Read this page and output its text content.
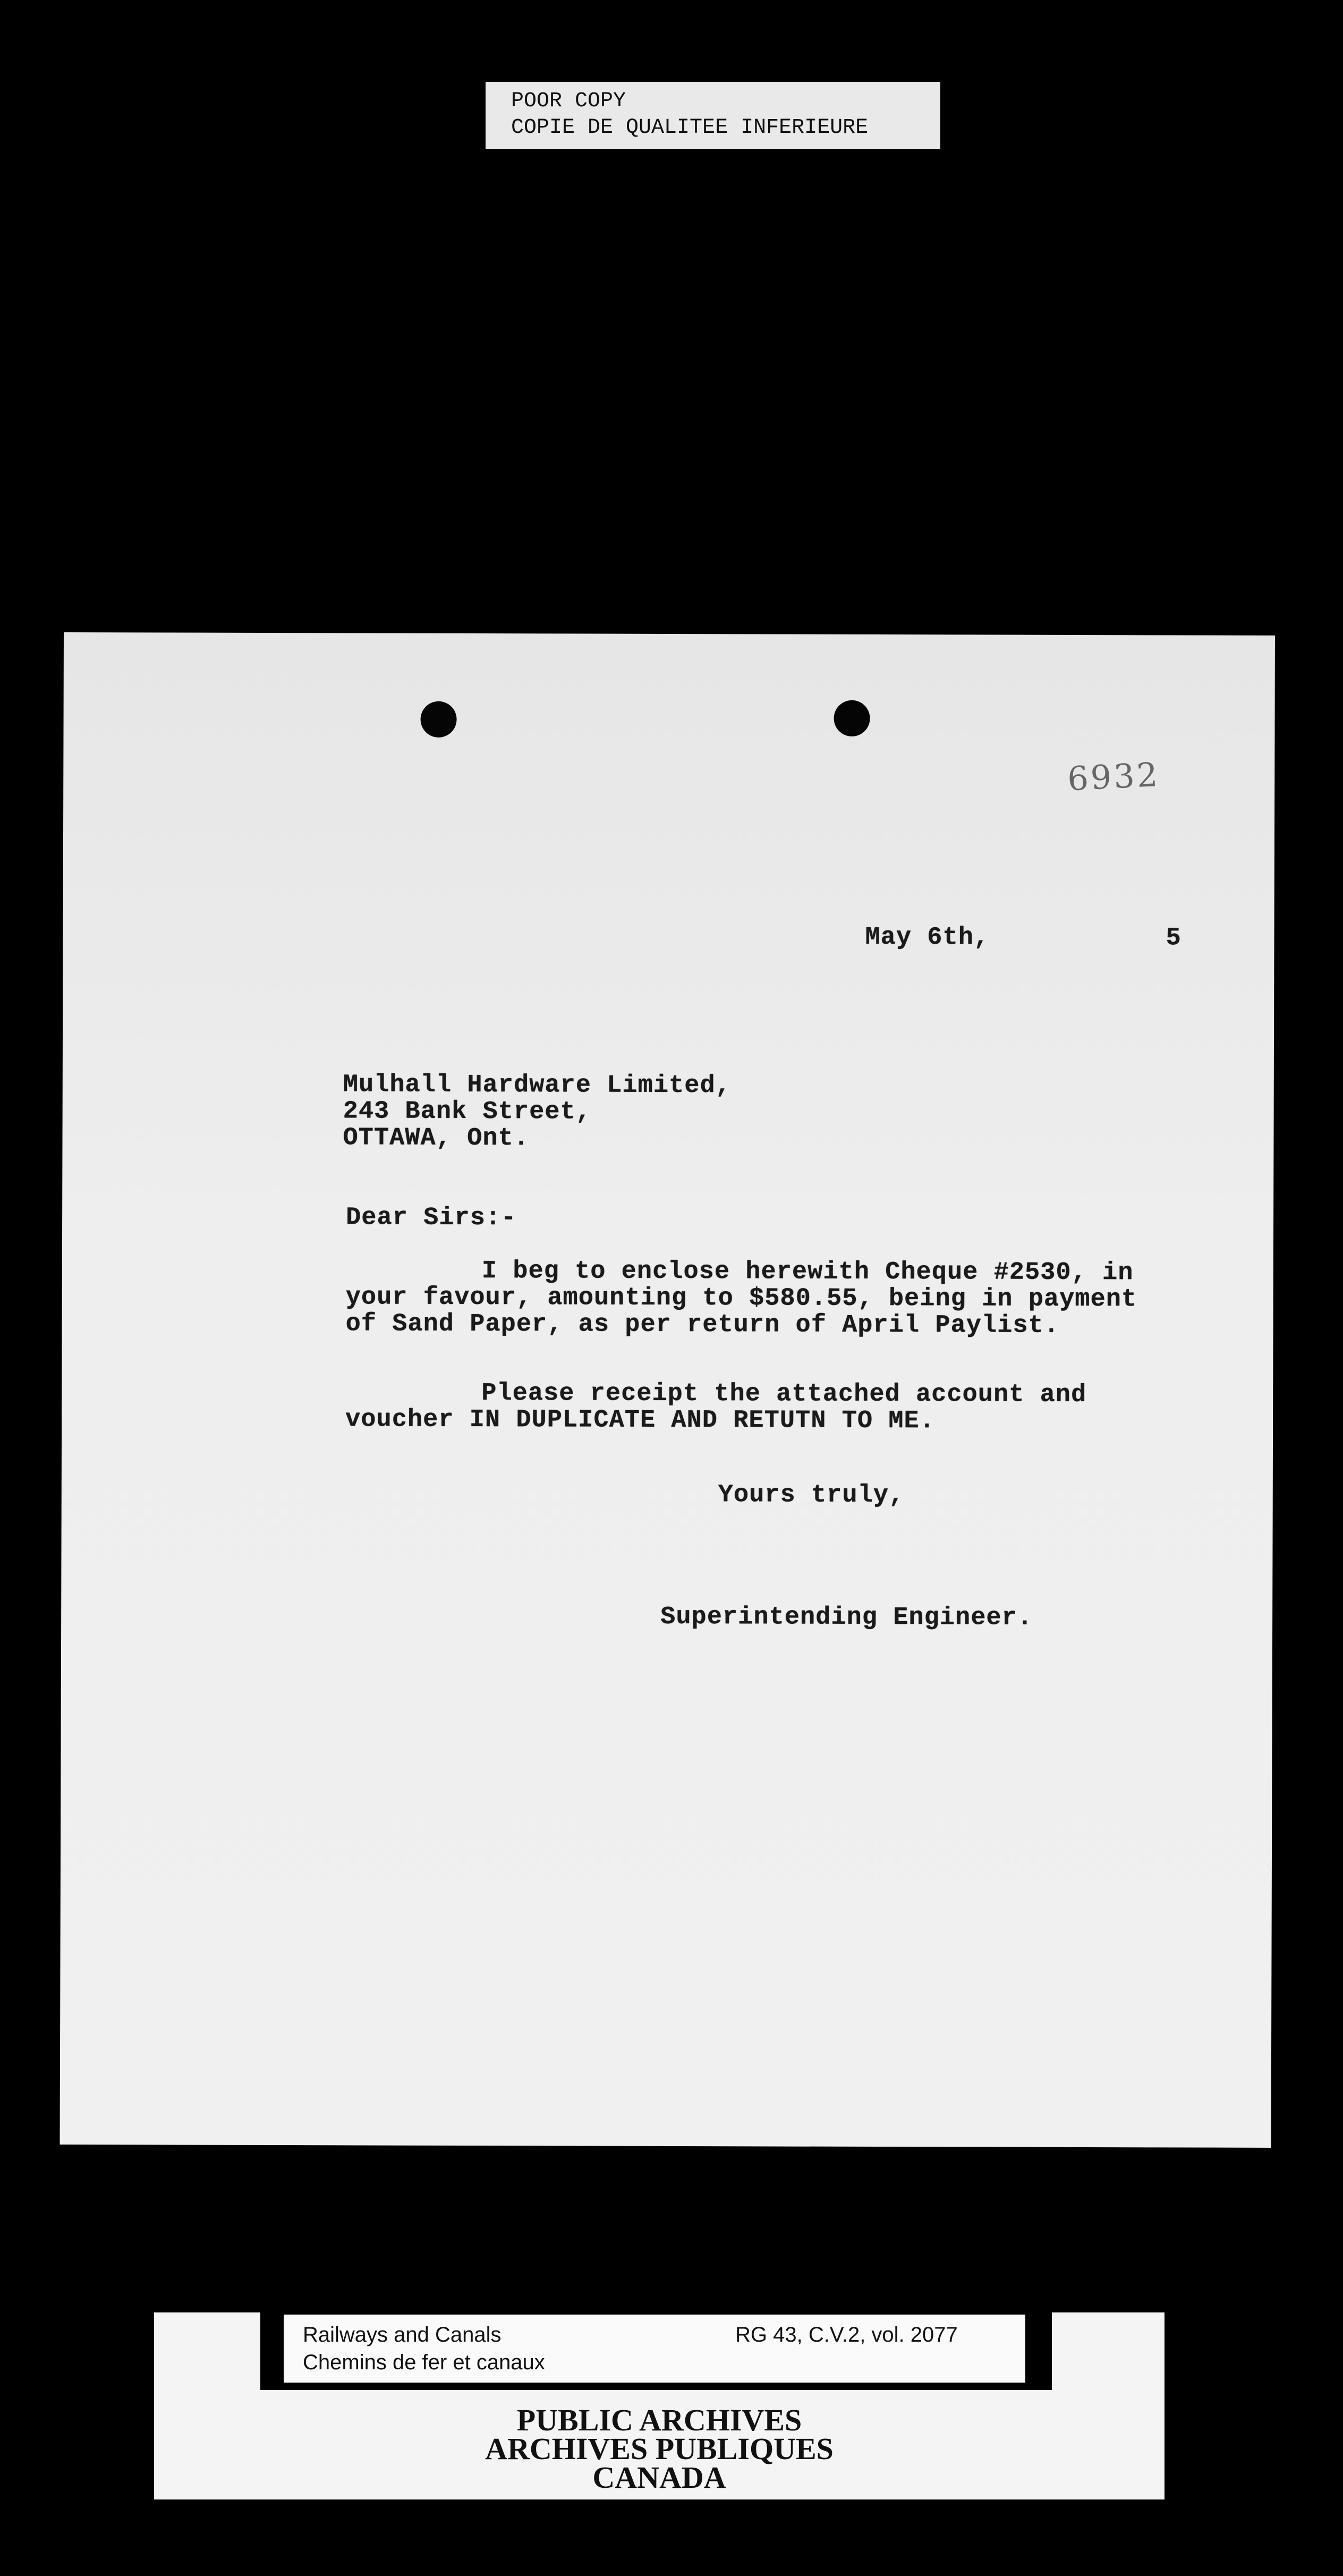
POOR COPY
COPIE DE QUALITEE INFERIEURE
6932
May 6th,	5
Mulhall Hardware Limited,
243 Bank Street,
OTTAWA, Ont.
Dear Sirs:-
I beg to enclose herewith Cheque #2530, in
your favour, amounting to $580.55, being in payment
of Sand Paper, as per return of April Paylist.
Please receipt the attached account and
voucher IN DUPLICATE AND RETUTN TO ME.
Yours truly,
Superintending Engineer.
Railways and Canals
Chemins de fer et canaux
RG 43, C.V.2, vol. 2077
PUBLIC ARCHIVES
ARCHIVES PUBLIQUES
CANADA
